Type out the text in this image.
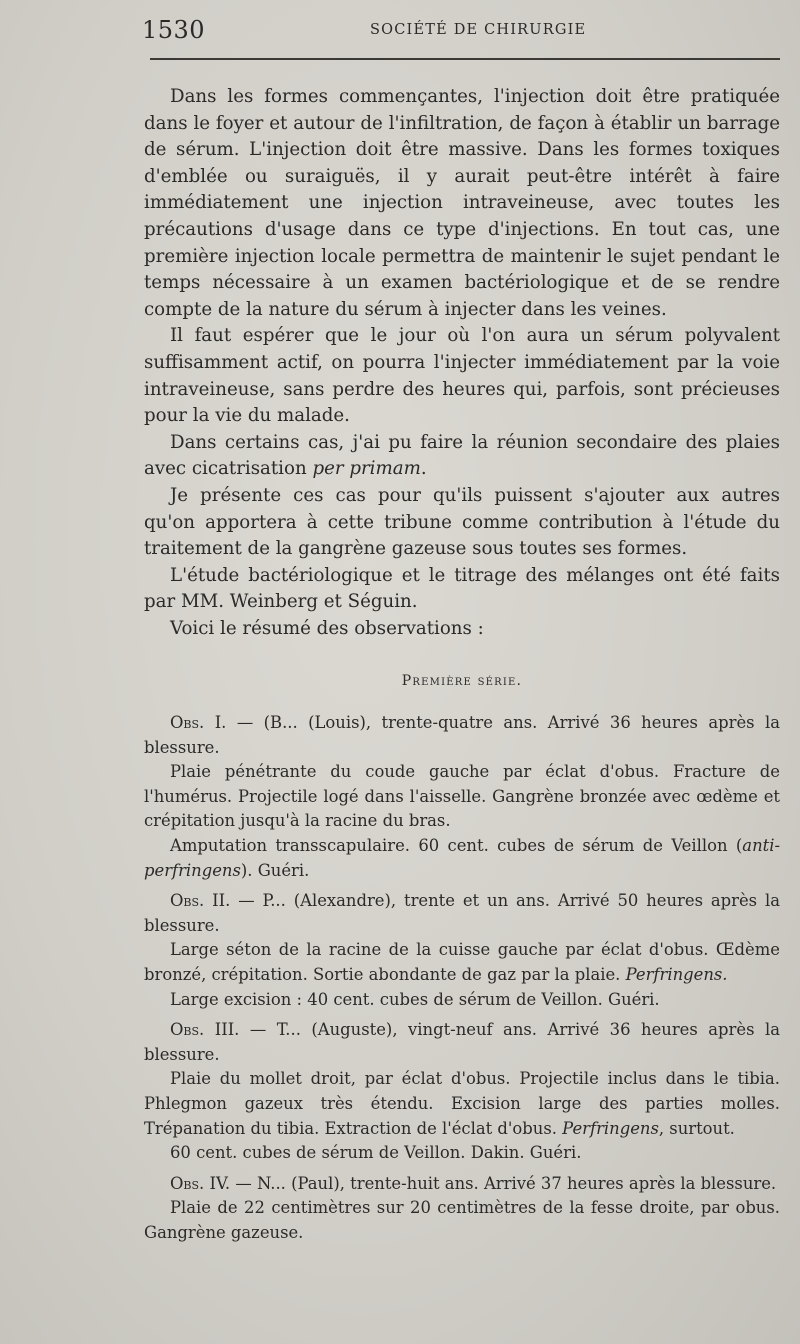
1530	SOCIÉTÉ DE CHIRURGIE

Dans les formes commençantes, l'injection doit être pratiquée dans le foyer et autour de l'infiltration, de façon à établir un barrage de sérum. L'injection doit être massive. Dans les formes toxiques d'emblée ou suraiguës, il y aurait peut-être intérêt à faire immédiatement une injection intraveineuse, avec toutes les précautions d'usage dans ce type d'injections. En tout cas, une première injection locale permettra de maintenir le sujet pendant le temps nécessaire à un examen bactériologique et de se rendre compte de la nature du sérum à injecter dans les veines.

Il faut espérer que le jour où l'on aura un sérum polyvalent suffisamment actif, on pourra l'injecter immédiatement par la voie intraveineuse, sans perdre des heures qui, parfois, sont précieuses pour la vie du malade.

Dans certains cas, j'ai pu faire la réunion secondaire des plaies avec cicatrisation per primam.

Je présente ces cas pour qu'ils puissent s'ajouter aux autres qu'on apportera à cette tribune comme contribution à l'étude du traitement de la gangrène gazeuse sous toutes ses formes.

L'étude bactériologique et le titrage des mélanges ont été faits par MM. Weinberg et Séguin.

Voici le résumé des observations :

Première série.

Obs. I. — (B... (Louis), trente-quatre ans. Arrivé 36 heures après la blessure.

Plaie pénétrante du coude gauche par éclat d'obus. Fracture de l'humérus. Projectile logé dans l'aisselle. Gangrène bronzée avec œdème et crépitation jusqu'à la racine du bras.

Amputation transscapulaire. 60 cent. cubes de sérum de Veillon (anti-perfringens). Guéri.

Obs. II. — P... (Alexandre), trente et un ans. Arrivé 50 heures après la blessure.

Large séton de la racine de la cuisse gauche par éclat d'obus. Œdème bronzé, crépitation. Sortie abondante de gaz par la plaie. Perfringens.

Large excision : 40 cent. cubes de sérum de Veillon. Guéri.

Obs. III. — T... (Auguste), vingt-neuf ans. Arrivé 36 heures après la blessure.

Plaie du mollet droit, par éclat d'obus. Projectile inclus dans le tibia. Phlegmon gazeux très étendu. Excision large des parties molles. Trépanation du tibia. Extraction de l'éclat d'obus. Perfringens, surtout.

60 cent. cubes de sérum de Veillon. Dakin. Guéri.

Obs. IV. — N... (Paul), trente-huit ans. Arrivé 37 heures après la blessure.

Plaie de 22 centimètres sur 20 centimètres de la fesse droite, par obus. Gangrène gazeuse.
